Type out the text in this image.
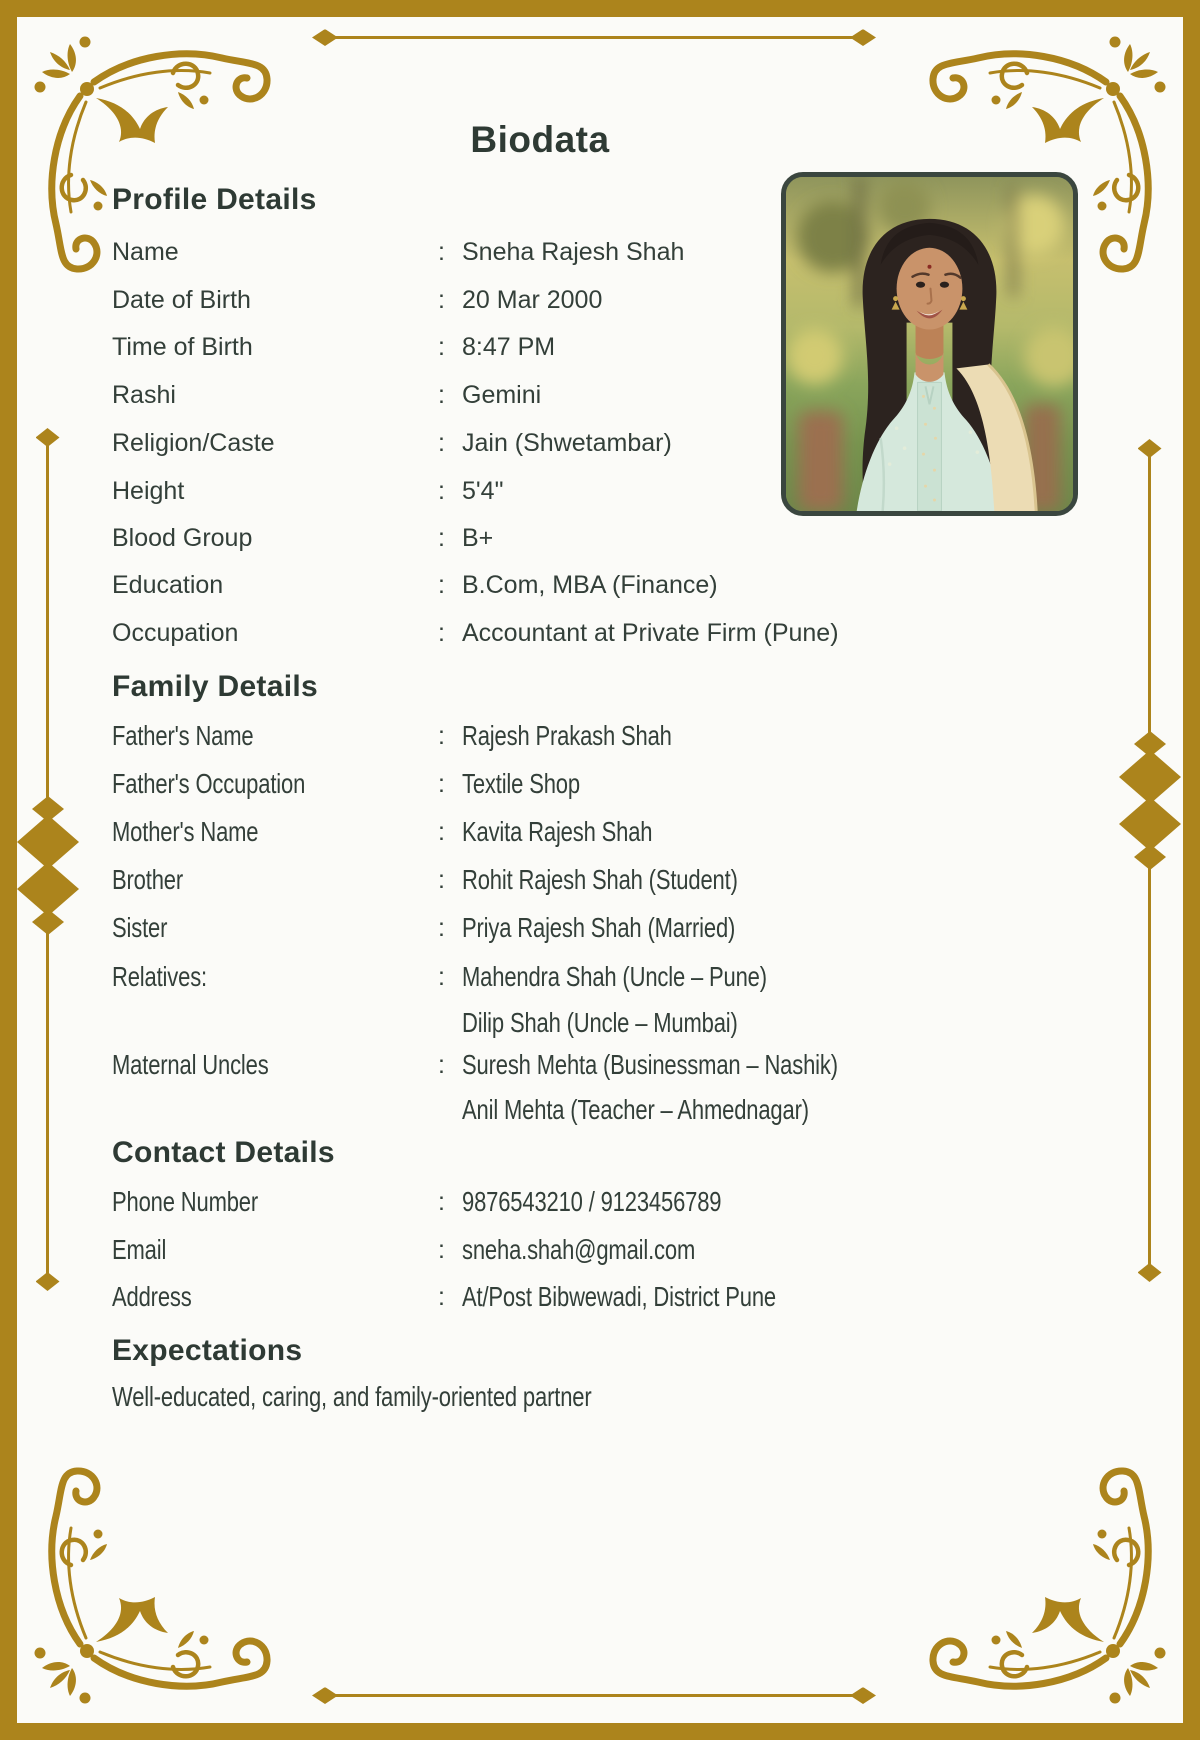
Biodata
Profile Details
Name	: Sneha Rajesh Shah
Date of Birth	: 20 Mar 2000
Time of Birth	: 8:47 PM
Rashi	: Gemini
Religion/Caste	: Jain (Shwetambar)
Height	: 5'4"
Blood Group	: B+
Education	: B.Com, MBA (Finance)
Occupation	: Accountant at Private Firm (Pune)
Family Details
Father's Name	: Rajesh Prakash Shah
Father's Occupation	: Textile Shop
Mother's Name	: Kavita Rajesh Shah
Brother	: Rohit Rajesh Shah (Student)
Sister	: Priya Rajesh Shah (Married)
Relatives:	: Mahendra Shah (Uncle – Pune)
Dilip Shah (Uncle – Mumbai)
Maternal Uncles	: Suresh Mehta (Businessman – Nashik)
Anil Mehta (Teacher – Ahmednagar)
Contact Details
Phone Number	: 9876543210 / 9123456789
Email	: sneha.shah@gmail.com
Address	: At/Post Bibwewadi, District Pune
Expectations
Well-educated, caring, and family-oriented partner
